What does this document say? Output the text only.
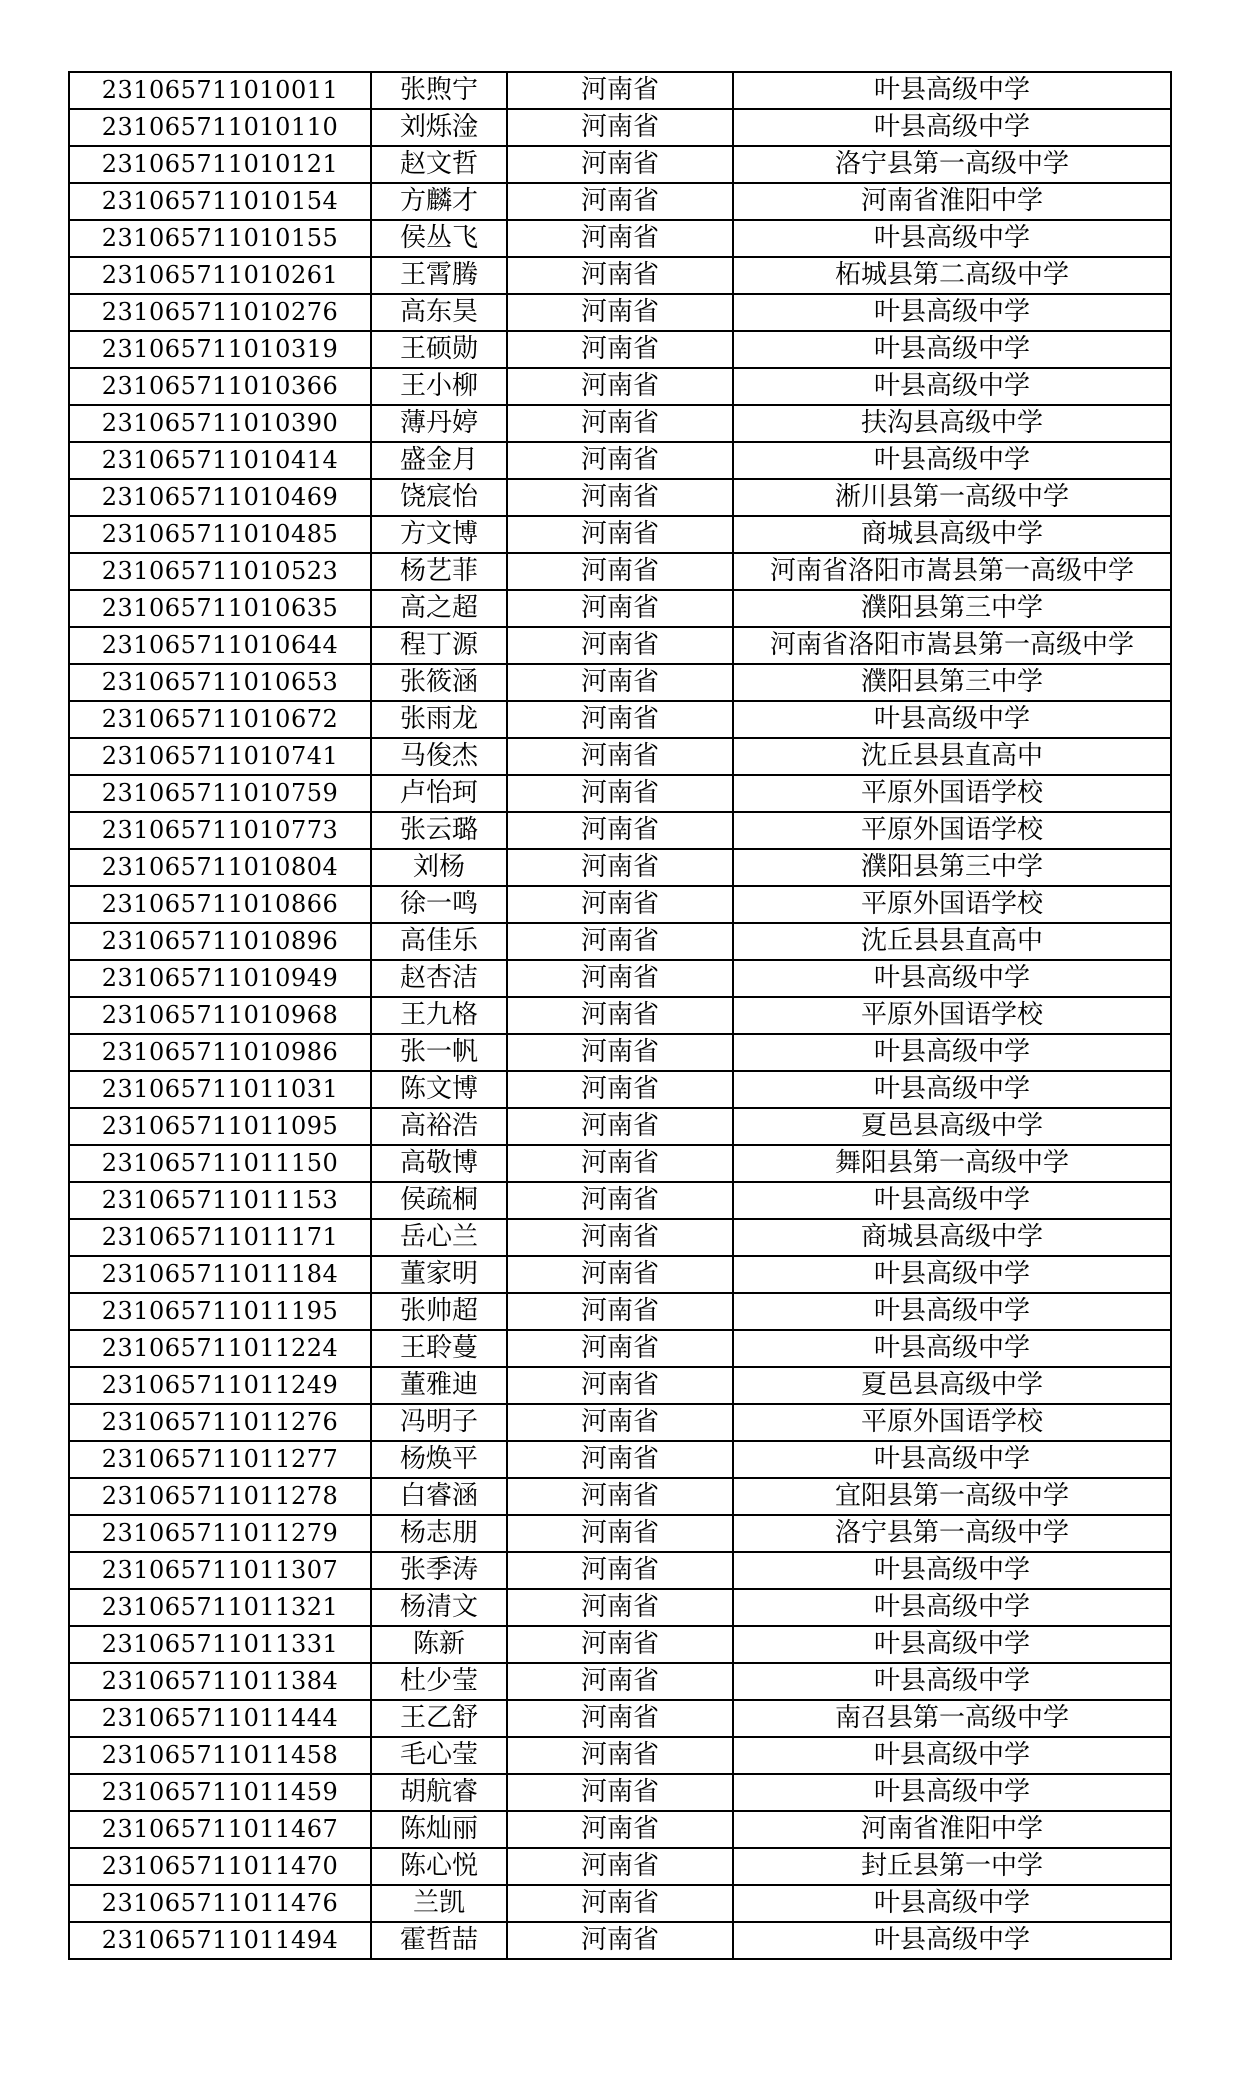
231065711010011	张煦宁	河南省	叶县高级中学
231065711010110	刘烁淦	河南省	叶县高级中学
231065711010121	赵文哲	河南省	洛宁县第一高级中学
231065711010154	方麟才	河南省	河南省淮阳中学
231065711010155	侯丛飞	河南省	叶县高级中学
231065711010261	王霄腾	河南省	柘城县第二高级中学
231065711010276	高东昊	河南省	叶县高级中学
231065711010319	王硕勋	河南省	叶县高级中学
231065711010366	王小柳	河南省	叶县高级中学
231065711010390	薄丹婷	河南省	扶沟县高级中学
231065711010414	盛金月	河南省	叶县高级中学
231065711010469	饶宸怡	河南省	淅川县第一高级中学
231065711010485	方文博	河南省	商城县高级中学
231065711010523	杨艺菲	河南省	河南省洛阳市嵩县第一高级中学
231065711010635	高之超	河南省	濮阳县第三中学
231065711010644	程丁源	河南省	河南省洛阳市嵩县第一高级中学
231065711010653	张筱涵	河南省	濮阳县第三中学
231065711010672	张雨龙	河南省	叶县高级中学
231065711010741	马俊杰	河南省	沈丘县县直高中
231065711010759	卢怡珂	河南省	平原外国语学校
231065711010773	张云璐	河南省	平原外国语学校
231065711010804	刘杨	河南省	濮阳县第三中学
231065711010866	徐一鸣	河南省	平原外国语学校
231065711010896	高佳乐	河南省	沈丘县县直高中
231065711010949	赵杏洁	河南省	叶县高级中学
231065711010968	王九格	河南省	平原外国语学校
231065711010986	张一帆	河南省	叶县高级中学
231065711011031	陈文博	河南省	叶县高级中学
231065711011095	高裕浩	河南省	夏邑县高级中学
231065711011150	高敬博	河南省	舞阳县第一高级中学
231065711011153	侯疏桐	河南省	叶县高级中学
231065711011171	岳心兰	河南省	商城县高级中学
231065711011184	董家明	河南省	叶县高级中学
231065711011195	张帅超	河南省	叶县高级中学
231065711011224	王聆蔓	河南省	叶县高级中学
231065711011249	董雅迪	河南省	夏邑县高级中学
231065711011276	冯明子	河南省	平原外国语学校
231065711011277	杨焕平	河南省	叶县高级中学
231065711011278	白睿涵	河南省	宜阳县第一高级中学
231065711011279	杨志朋	河南省	洛宁县第一高级中学
231065711011307	张季涛	河南省	叶县高级中学
231065711011321	杨清文	河南省	叶县高级中学
231065711011331	陈新	河南省	叶县高级中学
231065711011384	杜少莹	河南省	叶县高级中学
231065711011444	王乙舒	河南省	南召县第一高级中学
231065711011458	毛心莹	河南省	叶县高级中学
231065711011459	胡航睿	河南省	叶县高级中学
231065711011467	陈灿丽	河南省	河南省淮阳中学
231065711011470	陈心悦	河南省	封丘县第一中学
231065711011476	兰凯	河南省	叶县高级中学
231065711011494	霍哲喆	河南省	叶县高级中学
